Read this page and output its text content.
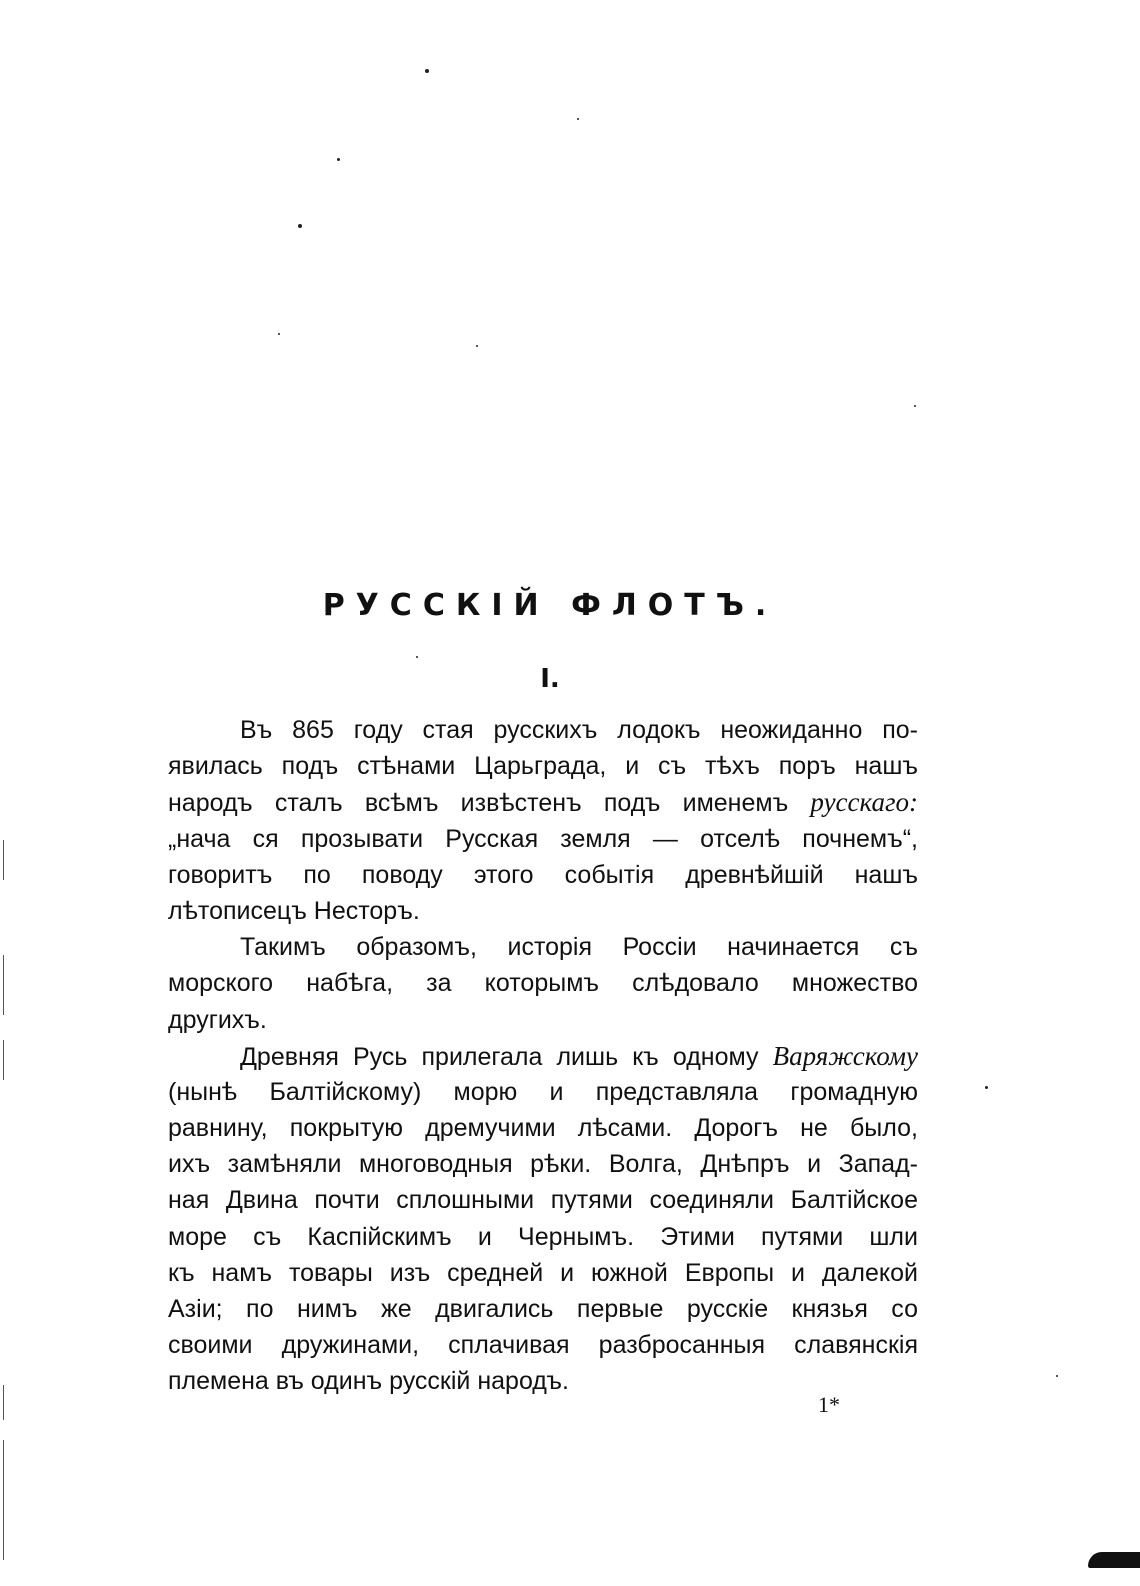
РУССКІЙ ФЛОТЪ.
I.
Въ 865 году стая русскихъ лодокъ неожиданно по-
явилась подъ стѣнами Царьграда, и съ тѣхъ поръ нашъ
народъ сталъ всѣмъ извѣстенъ подъ именемъ русскаго:
„нача ся прозывати Русская земля — отселѣ почнемъ“,
говоритъ по поводу этого событія древнѣйшій нашъ
лѣтописецъ Несторъ.
Такимъ образомъ, исторія Россіи начинается съ
морского набѣга, за которымъ слѣдовало множество
другихъ.
Древняя Русь прилегала лишь къ одному Варяжскому
(нынѣ Балтійскому) морю и представляла громадную
равнину, покрытую дремучими лѣсами. Дорогъ не было,
ихъ замѣняли многоводныя рѣки. Волга, Днѣпръ и Запад-
ная Двина почти сплошными путями соединяли Балтійское
море съ Каспійскимъ и Чернымъ. Этими путями шли
къ намъ товары изъ средней и южной Европы и далекой
Азіи; по нимъ же двигались первые русскіе князья со
своими дружинами, сплачивая разбросанныя славянскія
племена въ одинъ русскій народъ.
1*
